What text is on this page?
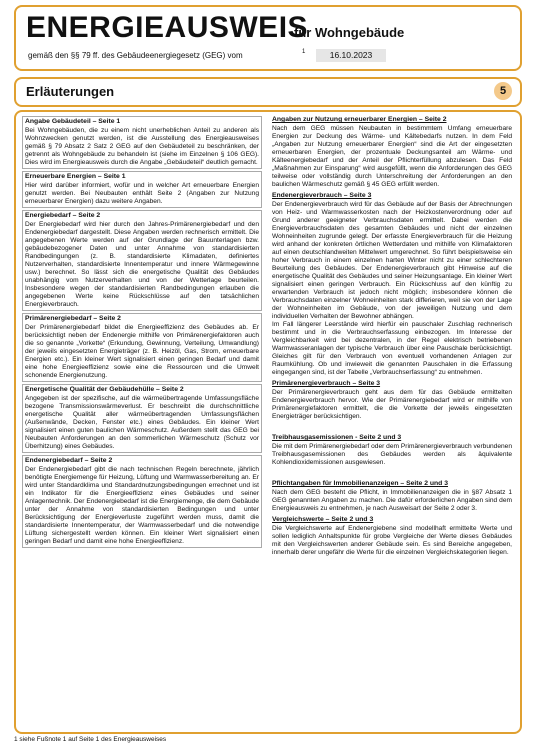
ENERGIEAUSWEIS
für Wohngebäude
gemäß den §§ 79 ff. des Gebäudeenergiegesetz (GEG) vom	1	16.10.2023
Erläuterungen	5
Angabe Gebäudeteil – Seite 1
Bei Wohngebäuden, die zu einem nicht unerheblichen Anteil zu anderen als Wohnzwecken genutzt werden, ist die Ausstellung des Energieausweises gemäß § 79 Absatz 2 Satz 2 GEG auf den Gebäudeteil zu beschränken, der getrennt als Wohngebäude zu behandeln ist (siehe im Einzelnen § 106 GEG). Dies wird im Energieausweis durch die Angabe „Gebäudeteil“ deutlich gemacht.
Erneuerbare Energien – Seite 1
Hier wird darüber informiert, wofür und in welcher Art erneuerbare Energien genutzt werden. Bei Neubauten enthält Seite 2 (Angaben zur Nutzung erneuerbarer Energien) dazu weitere Angaben.
Energiebedarf – Seite 2
Der Energiebedarf wird hier durch den Jahres-Primärenergiebedarf und den Endenergiebedarf dargestellt. Diese Angaben werden rechnerisch ermittelt. Die angegebenen Werte werden auf der Grundlage der Bauunterlagen bzw. gebäudebezogener Daten und unter Annahme von standardisierten Randbedingungen (z. B. standardisierte Klimadaten, definiertes Nutzerverhalten, standardisierte Innentemperatur und innere Wärmegewinne usw.) berechnet. So lässt sich die energetische Qualität des Gebäudes unabhängig vom Nutzerverhalten und von der Wetterlage beurteilen. Insbesondere wegen der standardisierten Randbedingungen erlauben die angegebenen Werte keine Rückschlüsse auf den tatsächlichen Energieverbrauch.
Primärenergiebedarf – Seite 2
Der Primärenergiebedarf bildet die Energieeffizienz des Gebäudes ab. Er berücksichtigt neben der Endenergie mithilfe von Primärenergiefaktoren auch die so genannte „Vorkette“ (Erkundung, Gewinnung, Verteilung, Umwandlung) der jeweils eingesetzten Energieträger (z. B. Heizöl, Gas, Strom, erneuerbare Energien etc.). Ein kleiner Wert signalisiert einen geringen Bedarf und damit eine hohe Energieeffizienz sowie eine die Ressourcen und die Umwelt schonende Energienutzung.
Energetische Qualität der Gebäudehülle – Seite 2
Angegeben ist der spezifische, auf die wärmeübertragende Umfassungsfläche bezogene Transmissionswärmeverlust. Er beschreibt die durchschnittliche energetische Qualität aller wärmeübertragenden Umfassungsflächen (Außenwände, Decken, Fenster etc.) eines Gebäudes. Ein kleiner Wert signalisiert einen guten baulichen Wärmeschutz. Außerdem stellt das GEG bei Neubauten Anforderungen an den sommerlichen Wärmeschutz (Schutz vor Überhitzung) eines Gebäudes.
Endenergiebedarf – Seite 2
Der Endenergiebedarf gibt die nach technischen Regeln berechnete, jährlich benötigte Energiemenge für Heizung, Lüftung und Warmwasserbereitung an. Er wird unter Standardklima und Standardnutzungsbedingungen errechnet und ist ein Indikator für die Energieeffizienz eines Gebäudes und seiner Anlagentechnik. Der Endenergiebedarf ist die Energiemenge, die dem Gebäude unter der Annahme von standardisierten Bedingungen und unter Berücksichtigung der Energieverluste zugeführt werden muss, damit die standardisierte Innentemperatur, der Warmwasserbedarf und die notwendige Lüftung sichergestellt werden können. Ein kleiner Wert signalisiert einen geringen Bedarf und damit eine hohe Energieeffizienz.
Angaben zur Nutzung erneuerbarer Energien – Seite 2
Nach dem GEG müssen Neubauten in bestimmtem Umfang erneuerbare Energien zur Deckung des Wärme- und Kältebedarfs nutzen. In dem Feld „Angaben zur Nutzung erneuerbarer Energien“ sind die Art der eingesetzten erneuerbaren Energien, der prozentuale Deckungsanteil am Wärme- und Kälteenergiebedarf und der Anteil der Pflichterfüllung abzulesen. Das Feld „Maßnahmen zur Einsparung“ wird ausgefüllt, wenn die Anforderungen des GEG teilweise oder vollständig durch Unterschreitung der Anforderungen an den baulichen Wärmeschutz gemäß § 45 GEG erfüllt werden.
Endenergieverbrauch – Seite 3
Der Endenergieverbrauch wird für das Gebäude auf der Basis der Abrechnungen von Heiz- und Warmwasserkosten nach der Heizkostenverordnung oder auf Grund anderer geeigneter Verbrauchsdaten ermittelt. Dabei werden die Energieverbrauchsdaten des gesamten Gebäudes und nicht der einzelnen Wohneinheiten zugrunde gelegt. Der erfasste Energieverbrauch für die Heizung wird anhand der konkreten örtlichen Wetterdaten und mithilfe von Klimafaktoren auf einen deutschlandweiten Mittelwert umgerechnet. So führt beispielsweise ein hoher Verbrauch in einem einzelnen harten Winter nicht zu einer schlechteren Beurteilung des Gebäudes. Der Endenergieverbrauch gibt Hinweise auf die energetische Qualität des Gebäudes und seiner Heizungsanlage. Ein kleiner Wert signalisiert einen geringen Verbrauch. Ein Rückschluss auf den künftig zu erwartenden Verbrauch ist jedoch nicht möglich; insbesondere können die Verbrauchsdaten einzelner Wohneinheiten stark differieren, weil sie von der Lage der Wohneinheiten im Gebäude, von der jeweiligen Nutzung und dem individuellen Verhalten der Bewohner abhängen.
Im Fall längerer Leerstände wird hierfür ein pauschaler Zuschlag rechnerisch bestimmt und in die Verbrauchserfassung einbezogen. Im Interesse der Vergleichbarkeit wird bei dezentralen, in der Regel elektrisch betriebenen Warmwasseranlagen der typische Verbrauch über eine Pauschale berücksichtigt. Gleiches gilt für den Verbrauch von eventuell vorhandenen Anlagen zur Raumkühlung. Ob und inwieweit die genannten Pauschalen in die Erfassung eingegangen sind, ist der Tabelle „Verbrauchserfassung“ zu entnehmen.
Primärenergieverbrauch – Seite 3
Der Primärenergieverbrauch geht aus dem für das Gebäude ermittelten Endenergieverbrauch hervor. Wie der Primärenergiebedarf wird er mithilfe von Primärenergiefaktoren ermittelt, die die Vorkette der jeweils eingesetzten Energieträger berücksichtigen.
Treibhausgasemissionen - Seite 2 und 3
Die mit dem Primärenergiebedarf oder dem Primärenergieverbrauch verbundenen Treibhausgasemissionen des Gebäudes werden als äquivalente Kohlendioxidemissionen ausgewiesen.
Pflichtangaben für Immobilienanzeigen – Seite 2 und 3
Nach dem GEG besteht die Pflicht, in Immobilienanzeigen die in §87 Absatz 1 GEG genannten Angaben zu machen. Die dafür erforderlichen Angaben sind dem Energieausweis zu entnehmen, je nach Ausweisart der Seite 2 oder 3.
Vergleichswerte – Seite 2 und 3
Die Vergleichswerte auf Endenergiebene sind modellhaft ermittelte Werte und sollen lediglich Anhaltspunkte für grobe Vergleiche der Werte dieses Gebäudes mit den Vergleichswerten anderer Gebäude sein. Es sind Bereiche angegeben, innerhalb derer ungefähr die Werte für die einzelnen Vergleichskategorien liegen.
1 siehe Fußnote 1 auf Seite 1 des Energieausweises
